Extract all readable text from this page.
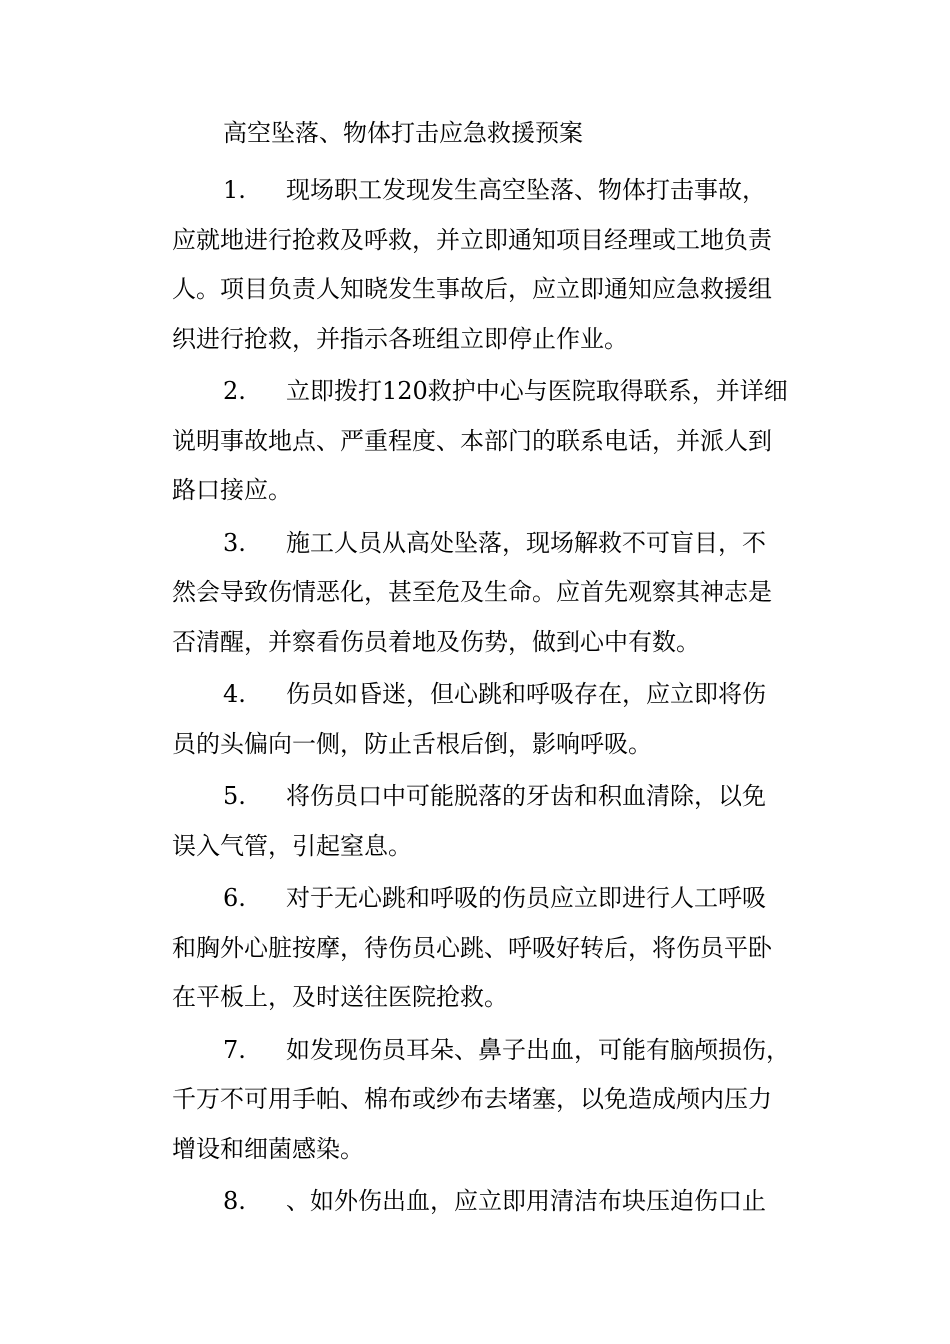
高空坠落、物体打击应急救援预案
1. 现场职工发现发生高空坠落、物体打击事故，
应就地进行抢救及呼救，并立即通知项目经理或工地负责
人。项目负责人知晓发生事故后，应立即通知应急救援组
织进行抢救，并指示各班组立即停止作业。
2. 立即拨打120救护中心与医院取得联系，并详细
说明事故地点、严重程度、本部门的联系电话，并派人到
路口接应。
3. 施工人员从高处坠落，现场解救不可盲目，不
然会导致伤情恶化，甚至危及生命。应首先观察其神志是
否清醒，并察看伤员着地及伤势，做到心中有数。
4. 伤员如昏迷，但心跳和呼吸存在，应立即将伤
员的头偏向一侧，防止舌根后倒，影响呼吸。
5. 将伤员口中可能脱落的牙齿和积血清除，以免
误入气管，引起窒息。
6. 对于无心跳和呼吸的伤员应立即进行人工呼吸
和胸外心脏按摩，待伤员心跳、呼吸好转后，将伤员平卧
在平板上，及时送往医院抢救。
7. 如发现伤员耳朵、鼻子出血，可能有脑颅损伤，
千万不可用手帕、棉布或纱布去堵塞，以免造成颅内压力
增设和细菌感染。
8. 、如外伤出血，应立即用清洁布块压迫伤口止
